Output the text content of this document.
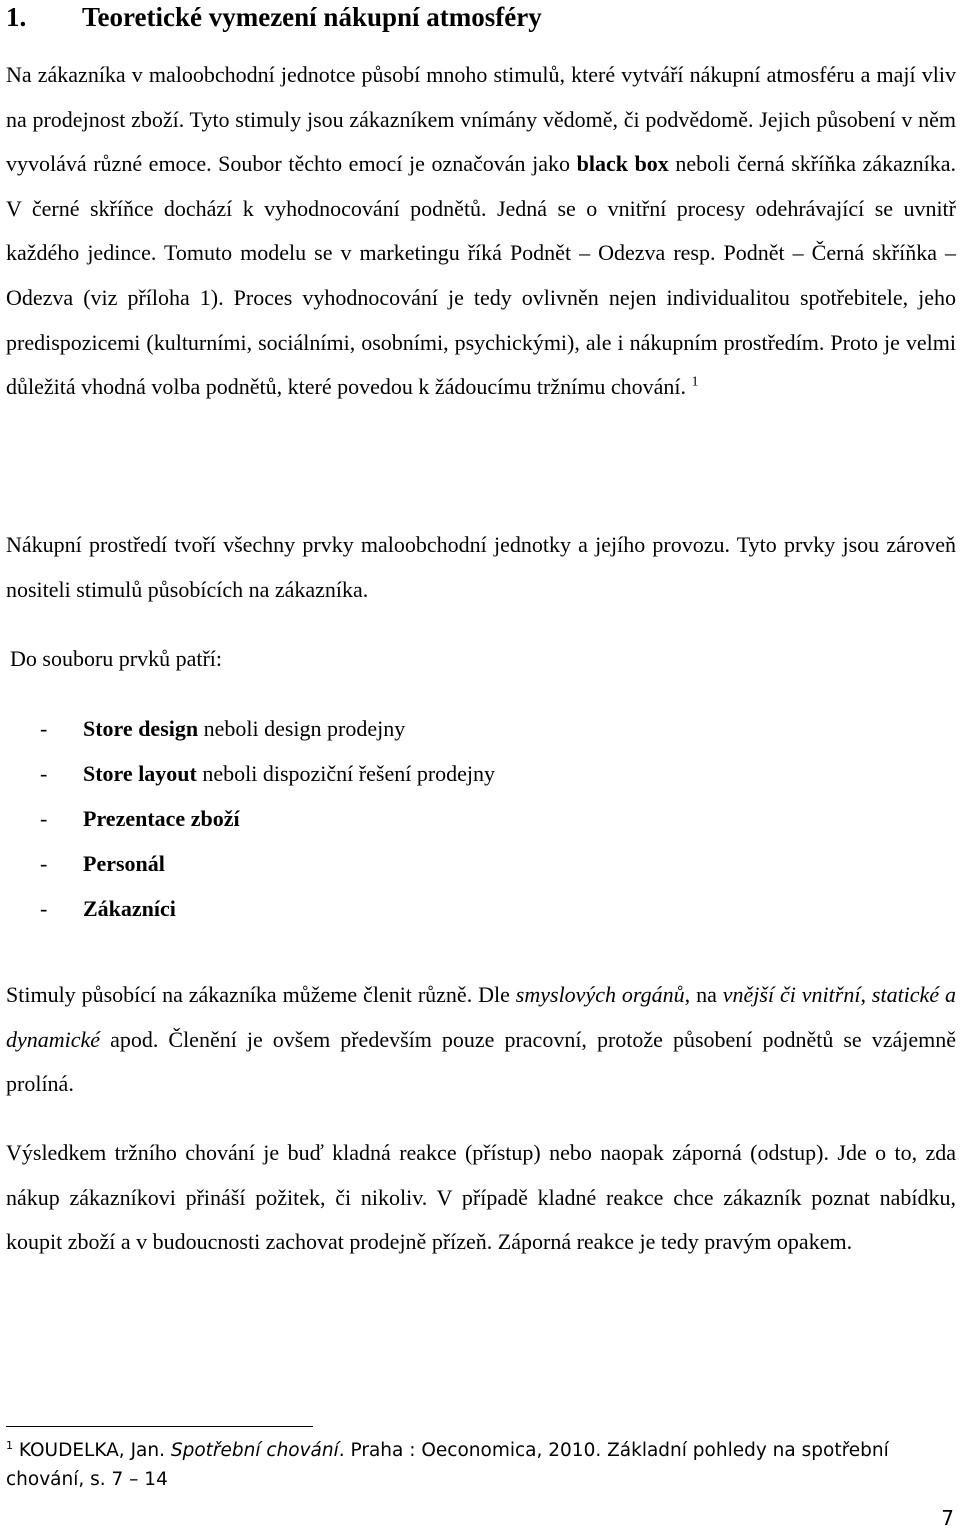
1. Teoretické vymezení nákupní atmosféry

Na zákazníka v maloobchodní jednotce působí mnoho stimulů, které vytváří nákupní atmosféru a mají vliv na prodejnost zboží. Tyto stimuly jsou zákazníkem vnímány vědomě, či podvědomě. Jejich působení v něm vyvolává různé emoce. Soubor těchto emocí je označován jako black box neboli černá skříňka zákazníka. V černé skříňce dochází k vyhodnocování podnětů. Jedná se o vnitřní procesy odehrávající se uvnitř každého jedince. Tomuto modelu se v marketingu říká Podnět – Odezva resp. Podnět – Černá skříňka – Odezva (viz příloha 1). Proces vyhodnocování je tedy ovlivněn nejen individualitou spotřebitele, jeho predispozicemi (kulturními, sociálními, osobními, psychickými), ale i nákupním prostředím. Proto je velmi důležitá vhodná volba podnětů, které povedou k žádoucímu tržnímu chování. $^1$

Nákupní prostředí tvoří všechny prvky maloobchodní jednotky a jejího provozu. Tyto prvky jsou zároveň nositeli stimulů působících na zákazníka.

Do souboru prvků patří:

- Store design neboli design prodejny
- Store layout neboli dispoziční řešení prodejny
- Prezentace zboží
- Personál
- Zákazníci

Stimuly působící na zákazníka můžeme členit různě. Dle smyslových orgánů, na vnější či vnitřní, statické a dynamické apod. Členění je ovšem především pouze pracovní, protože působení podnětů se vzájemně prolíná.

Výsledkem tržního chování je buď kladná reakce (přístup) nebo naopak záporná (odstup). Jde o to, zda nákup zákazníkovi přináší požitek, či nikoliv. V případě kladné reakce chce zákazník poznat nabídku, koupit zboží a v budoucnosti zachovat prodejně přízeň. Záporná reakce je tedy pravým opakem.

$^1$ KOUDELKA, Jan. Spotřební chování. Praha : Oeconomica, 2010. Základní pohledy na spotřební chování, s. 7 – 14

7
